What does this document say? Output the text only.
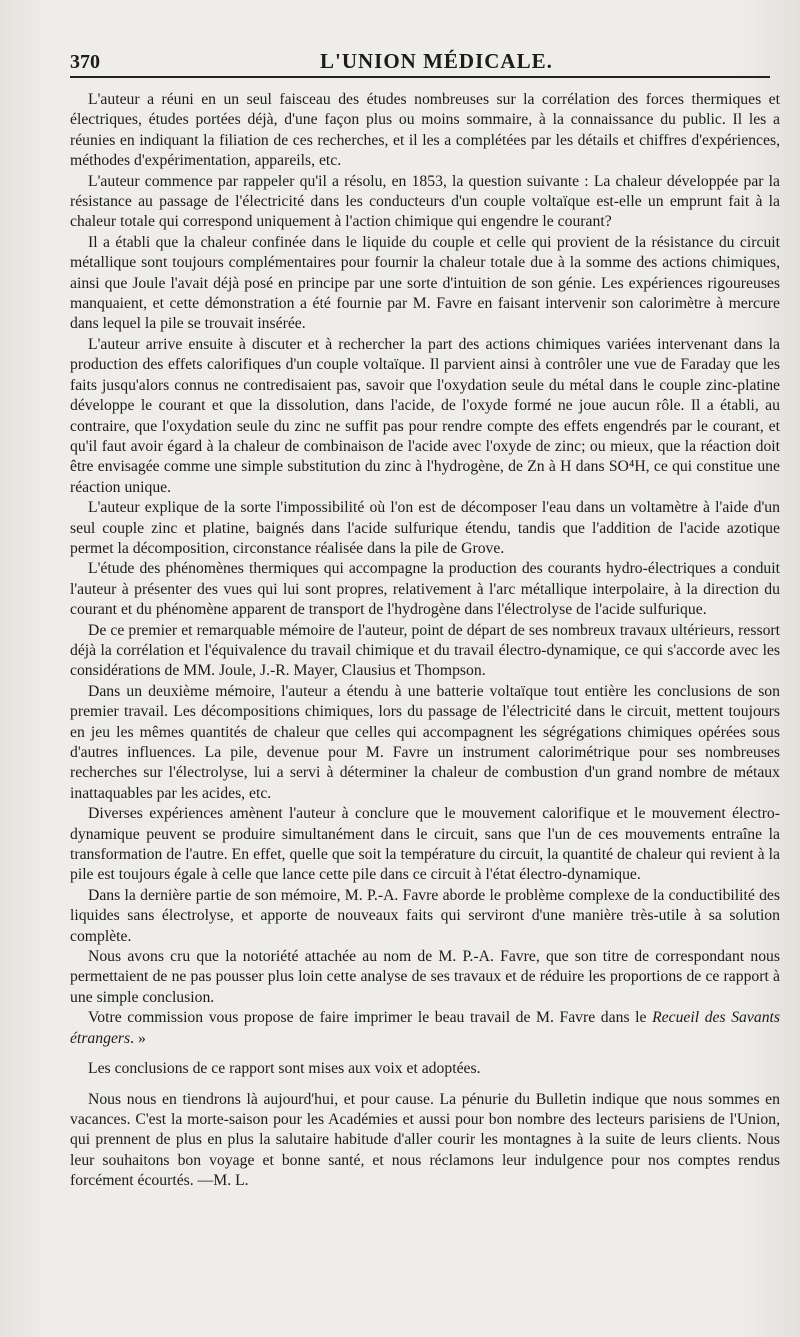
370	L'UNION MÉDICALE.

L'auteur a réuni en un seul faisceau des études nombreuses sur la corrélation des forces thermiques et électriques, études portées déjà, d'une façon plus ou moins sommaire, à la connaissance du public. Il les a réunies en indiquant la filiation de ces recherches, et il les a complétées par les détails et chiffres d'expériences, méthodes d'expérimentation, appareils, etc.

L'auteur commence par rappeler qu'il a résolu, en 1853, la question suivante : La chaleur développée par la résistance au passage de l'électricité dans les conducteurs d'un couple voltaïque est-elle un emprunt fait à la chaleur totale qui correspond uniquement à l'action chimique qui engendre le courant?

Il a établi que la chaleur confinée dans le liquide du couple et celle qui provient de la résistance du circuit métallique sont toujours complémentaires pour fournir la chaleur totale due à la somme des actions chimiques, ainsi que Joule l'avait déjà posé en principe par une sorte d'intuition de son génie. Les expériences rigoureuses manquaient, et cette démonstration a été fournie par M. Favre en faisant intervenir son calorimètre à mercure dans lequel la pile se trouvait insérée.

L'auteur arrive ensuite à discuter et à rechercher la part des actions chimiques variées intervenant dans la production des effets calorifiques d'un couple voltaïque. Il parvient ainsi à contrôler une vue de Faraday que les faits jusqu'alors connus ne contredisaient pas, savoir que l'oxydation seule du métal dans le couple zinc-platine développe le courant et que la dissolution, dans l'acide, de l'oxyde formé ne joue aucun rôle. Il a établi, au contraire, que l'oxydation seule du zinc ne suffit pas pour rendre compte des effets engendrés par le courant, et qu'il faut avoir égard à la chaleur de combinaison de l'acide avec l'oxyde de zinc; ou mieux, que la réaction doit être envisagée comme une simple substitution du zinc à l'hydrogène, de Zn à H dans SO⁴H, ce qui constitue une réaction unique.

L'auteur explique de la sorte l'impossibilité où l'on est de décomposer l'eau dans un voltamètre à l'aide d'un seul couple zinc et platine, baignés dans l'acide sulfurique étendu, tandis que l'addition de l'acide azotique permet la décomposition, circonstance réalisée dans la pile de Grove.

L'étude des phénomènes thermiques qui accompagne la production des courants hydro-électriques a conduit l'auteur à présenter des vues qui lui sont propres, relativement à l'arc métallique interpolaire, à la direction du courant et du phénomène apparent de transport de l'hydrogène dans l'électrolyse de l'acide sulfurique.

De ce premier et remarquable mémoire de l'auteur, point de départ de ses nombreux travaux ultérieurs, ressort déjà la corrélation et l'équivalence du travail chimique et du travail électro-dynamique, ce qui s'accorde avec les considérations de MM. Joule, J.-R. Mayer, Clausius et Thompson.

Dans un deuxième mémoire, l'auteur a étendu à une batterie voltaïque tout entière les conclusions de son premier travail. Les décompositions chimiques, lors du passage de l'électricité dans le circuit, mettent toujours en jeu les mêmes quantités de chaleur que celles qui accompagnent les ségrégations chimiques opérées sous d'autres influences. La pile, devenue pour M. Favre un instrument calorimétrique pour ses nombreuses recherches sur l'électrolyse, lui a servi à déterminer la chaleur de combustion d'un grand nombre de métaux inattaquables par les acides, etc.

Diverses expériences amènent l'auteur à conclure que le mouvement calorifique et le mouvement électro-dynamique peuvent se produire simultanément dans le circuit, sans que l'un de ces mouvements entraîne la transformation de l'autre. En effet, quelle que soit la température du circuit, la quantité de chaleur qui revient à la pile est toujours égale à celle que lance cette pile dans ce circuit à l'état électro-dynamique.

Dans la dernière partie de son mémoire, M. P.-A. Favre aborde le problème complexe de la conductibilité des liquides sans électrolyse, et apporte de nouveaux faits qui serviront d'une manière très-utile à sa solution complète.

Nous avons cru que la notoriété attachée au nom de M. P.-A. Favre, que son titre de correspondant nous permettaient de ne pas pousser plus loin cette analyse de ses travaux et de réduire les proportions de ce rapport à une simple conclusion.

Votre commission vous propose de faire imprimer le beau travail de M. Favre dans le Recueil des Savants étrangers. »

Les conclusions de ce rapport sont mises aux voix et adoptées.

Nous nous en tiendrons là aujourd'hui, et pour cause. La pénurie du Bulletin indique que nous sommes en vacances. C'est la morte-saison pour les Académies et aussi pour bon nombre des lecteurs parisiens de l'Union, qui prennent de plus en plus la salutaire habitude d'aller courir les montagnes à la suite de leurs clients. Nous leur souhaitons bon voyage et bonne santé, et nous réclamons leur indulgence pour nos comptes rendus forcément écourtés. —M. L.
